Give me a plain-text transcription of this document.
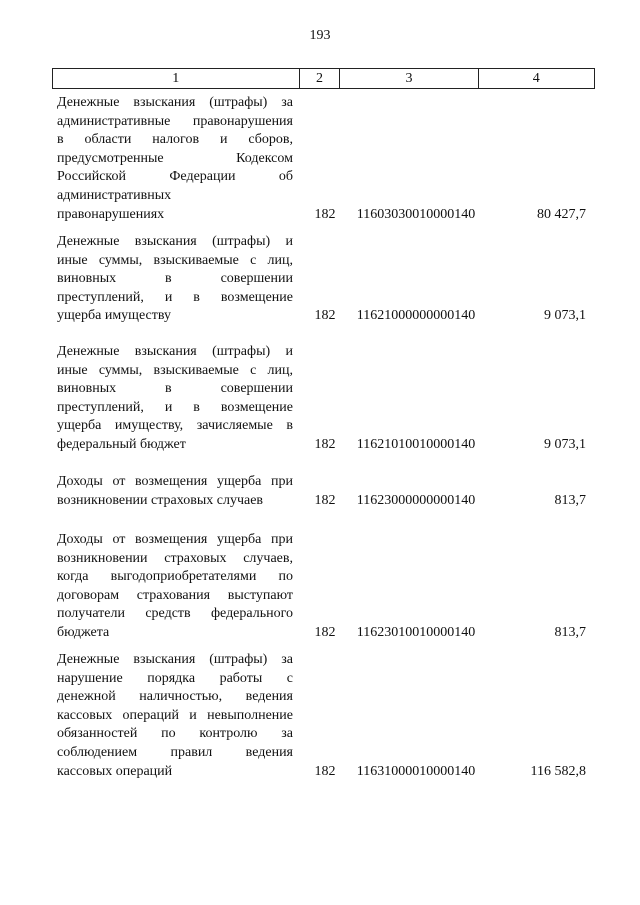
193
1	2	3	4
Денежные взыскания (штрафы) за
административные правонарушения
в области налогов и сборов,
предусмотренные Кодексом
Российской Федерации об
административных
правонарушениях	182	11603030010000140	80 427,7
Денежные взыскания (штрафы) и
иные суммы, взыскиваемые с лиц,
виновных в совершении
преступлений, и в возмещение
ущерба имуществу	182	11621000000000140	9 073,1
Денежные взыскания (штрафы) и
иные суммы, взыскиваемые с лиц,
виновных в совершении
преступлений, и в возмещение
ущерба имуществу, зачисляемые в
федеральный бюджет	182	11621010010000140	9 073,1
Доходы от возмещения ущерба при
возникновении страховых случаев	182	11623000000000140	813,7
Доходы от возмещения ущерба при
возникновении страховых случаев,
когда выгодоприобретателями по
договорам страхования выступают
получатели средств федерального
бюджета	182	11623010010000140	813,7
Денежные взыскания (штрафы) за
нарушение порядка работы с
денежной наличностью, ведения
кассовых операций и невыполнение
обязанностей по контролю за
соблюдением правил ведения
кассовых операций	182	11631000010000140	116 582,8
